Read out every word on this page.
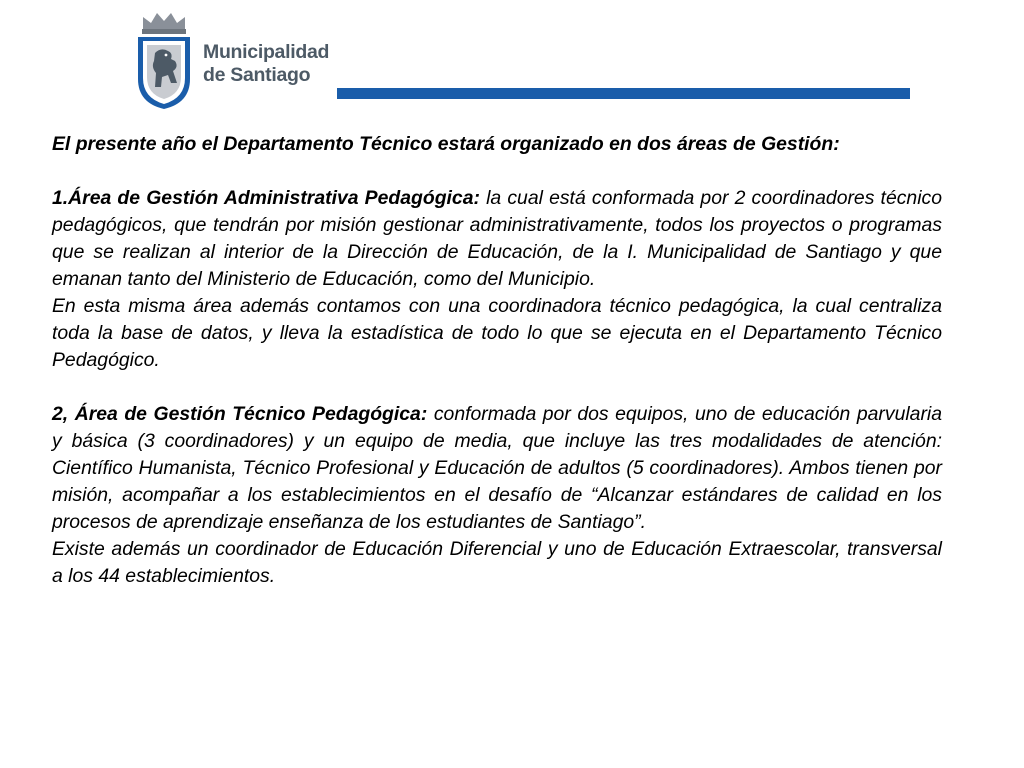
Municipalidad
de Santiago

El presente año el Departamento Técnico estará organizado en dos áreas de Gestión:

1.Área de Gestión Administrativa Pedagógica: la cual está conformada por 2 coordinadores técnico pedagógicos, que tendrán por misión gestionar administrativamente, todos los proyectos o programas que se realizan al interior de la Dirección de Educación, de la I. Municipalidad de Santiago y que emanan tanto del Ministerio de Educación, como del Municipio.

En esta misma área además contamos con una coordinadora técnico pedagógica, la cual centraliza toda la base de datos, y lleva la estadística de todo lo que se ejecuta en el Departamento Técnico Pedagógico.

2, Área de Gestión Técnico Pedagógica: conformada por dos equipos, uno de educación parvularia y básica (3 coordinadores) y un equipo de media, que incluye las tres modalidades de atención: Científico Humanista, Técnico Profesional y Educación de adultos (5 coordinadores). Ambos tienen por misión, acompañar a los establecimientos en el desafío de “Alcanzar estándares de calidad en los procesos de aprendizaje enseñanza de los estudiantes de Santiago”.

Existe además un coordinador de Educación Diferencial y uno de Educación Extraescolar, transversal a los 44 establecimientos.
